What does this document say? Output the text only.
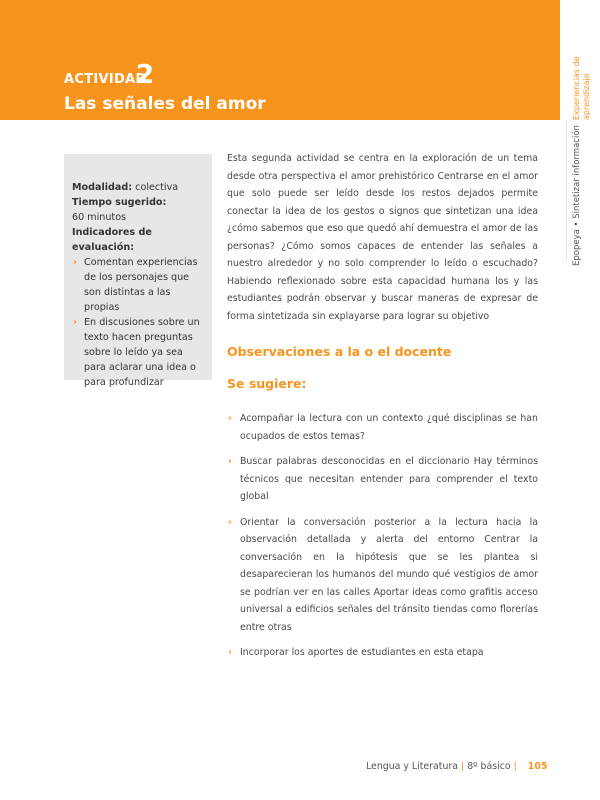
ACTIVIDAD
2
Las señales del amor	Experiencias de aprendizaje
Epopeya • Sintetizar información
Modalidad: colectiva
Tiempo sugerido:
60 minutos
Indicadores de evaluación:
› Comentan experiencias de los personajes que son distintas a las propias
› En discusiones sobre un texto hacen preguntas sobre lo leído ya sea para aclarar una idea o para profundizar
Esta segunda actividad se centra en la exploración de un tema desde otra perspectiva el amor prehistórico Centrarse en el amor que solo puede ser leído desde los restos dejados permite conectar la idea de los gestos o signos que sintetizan una idea ¿cómo sabemos que eso que quedó ahí demuestra el amor de las personas? ¿Cómo somos capaces de entender las señales a nuestro alrededor y no solo comprender lo leído o escuchado? Habiendo reflexionado sobre esta capacidad humana los y las estudiantes podrán observar y buscar maneras de expresar de forma sintetizada sin explayarse para lograr su objetivo
Observaciones a la o el docente
Se sugiere:
› Acompañar la lectura con un contexto ¿qué disciplinas se han ocupados de estos temas?
› Buscar palabras desconocidas en el diccionario Hay términos técnicos que necesitan entender para comprender el texto global
› Orientar la conversación posterior a la lectura hacia la observación detallada y alerta del entorno Centrar la conversación en la hipótesis que se les plantea si desaparecieran los humanos del mundo qué vestigios de amor se podrían ver en las calles Aportar ideas como grafitis acceso universal a edificios señales del tránsito tiendas como florerías entre otras
› Incorporar los aportes de estudiantes en esta etapa
Lengua y Literatura | 8º básico | 105
